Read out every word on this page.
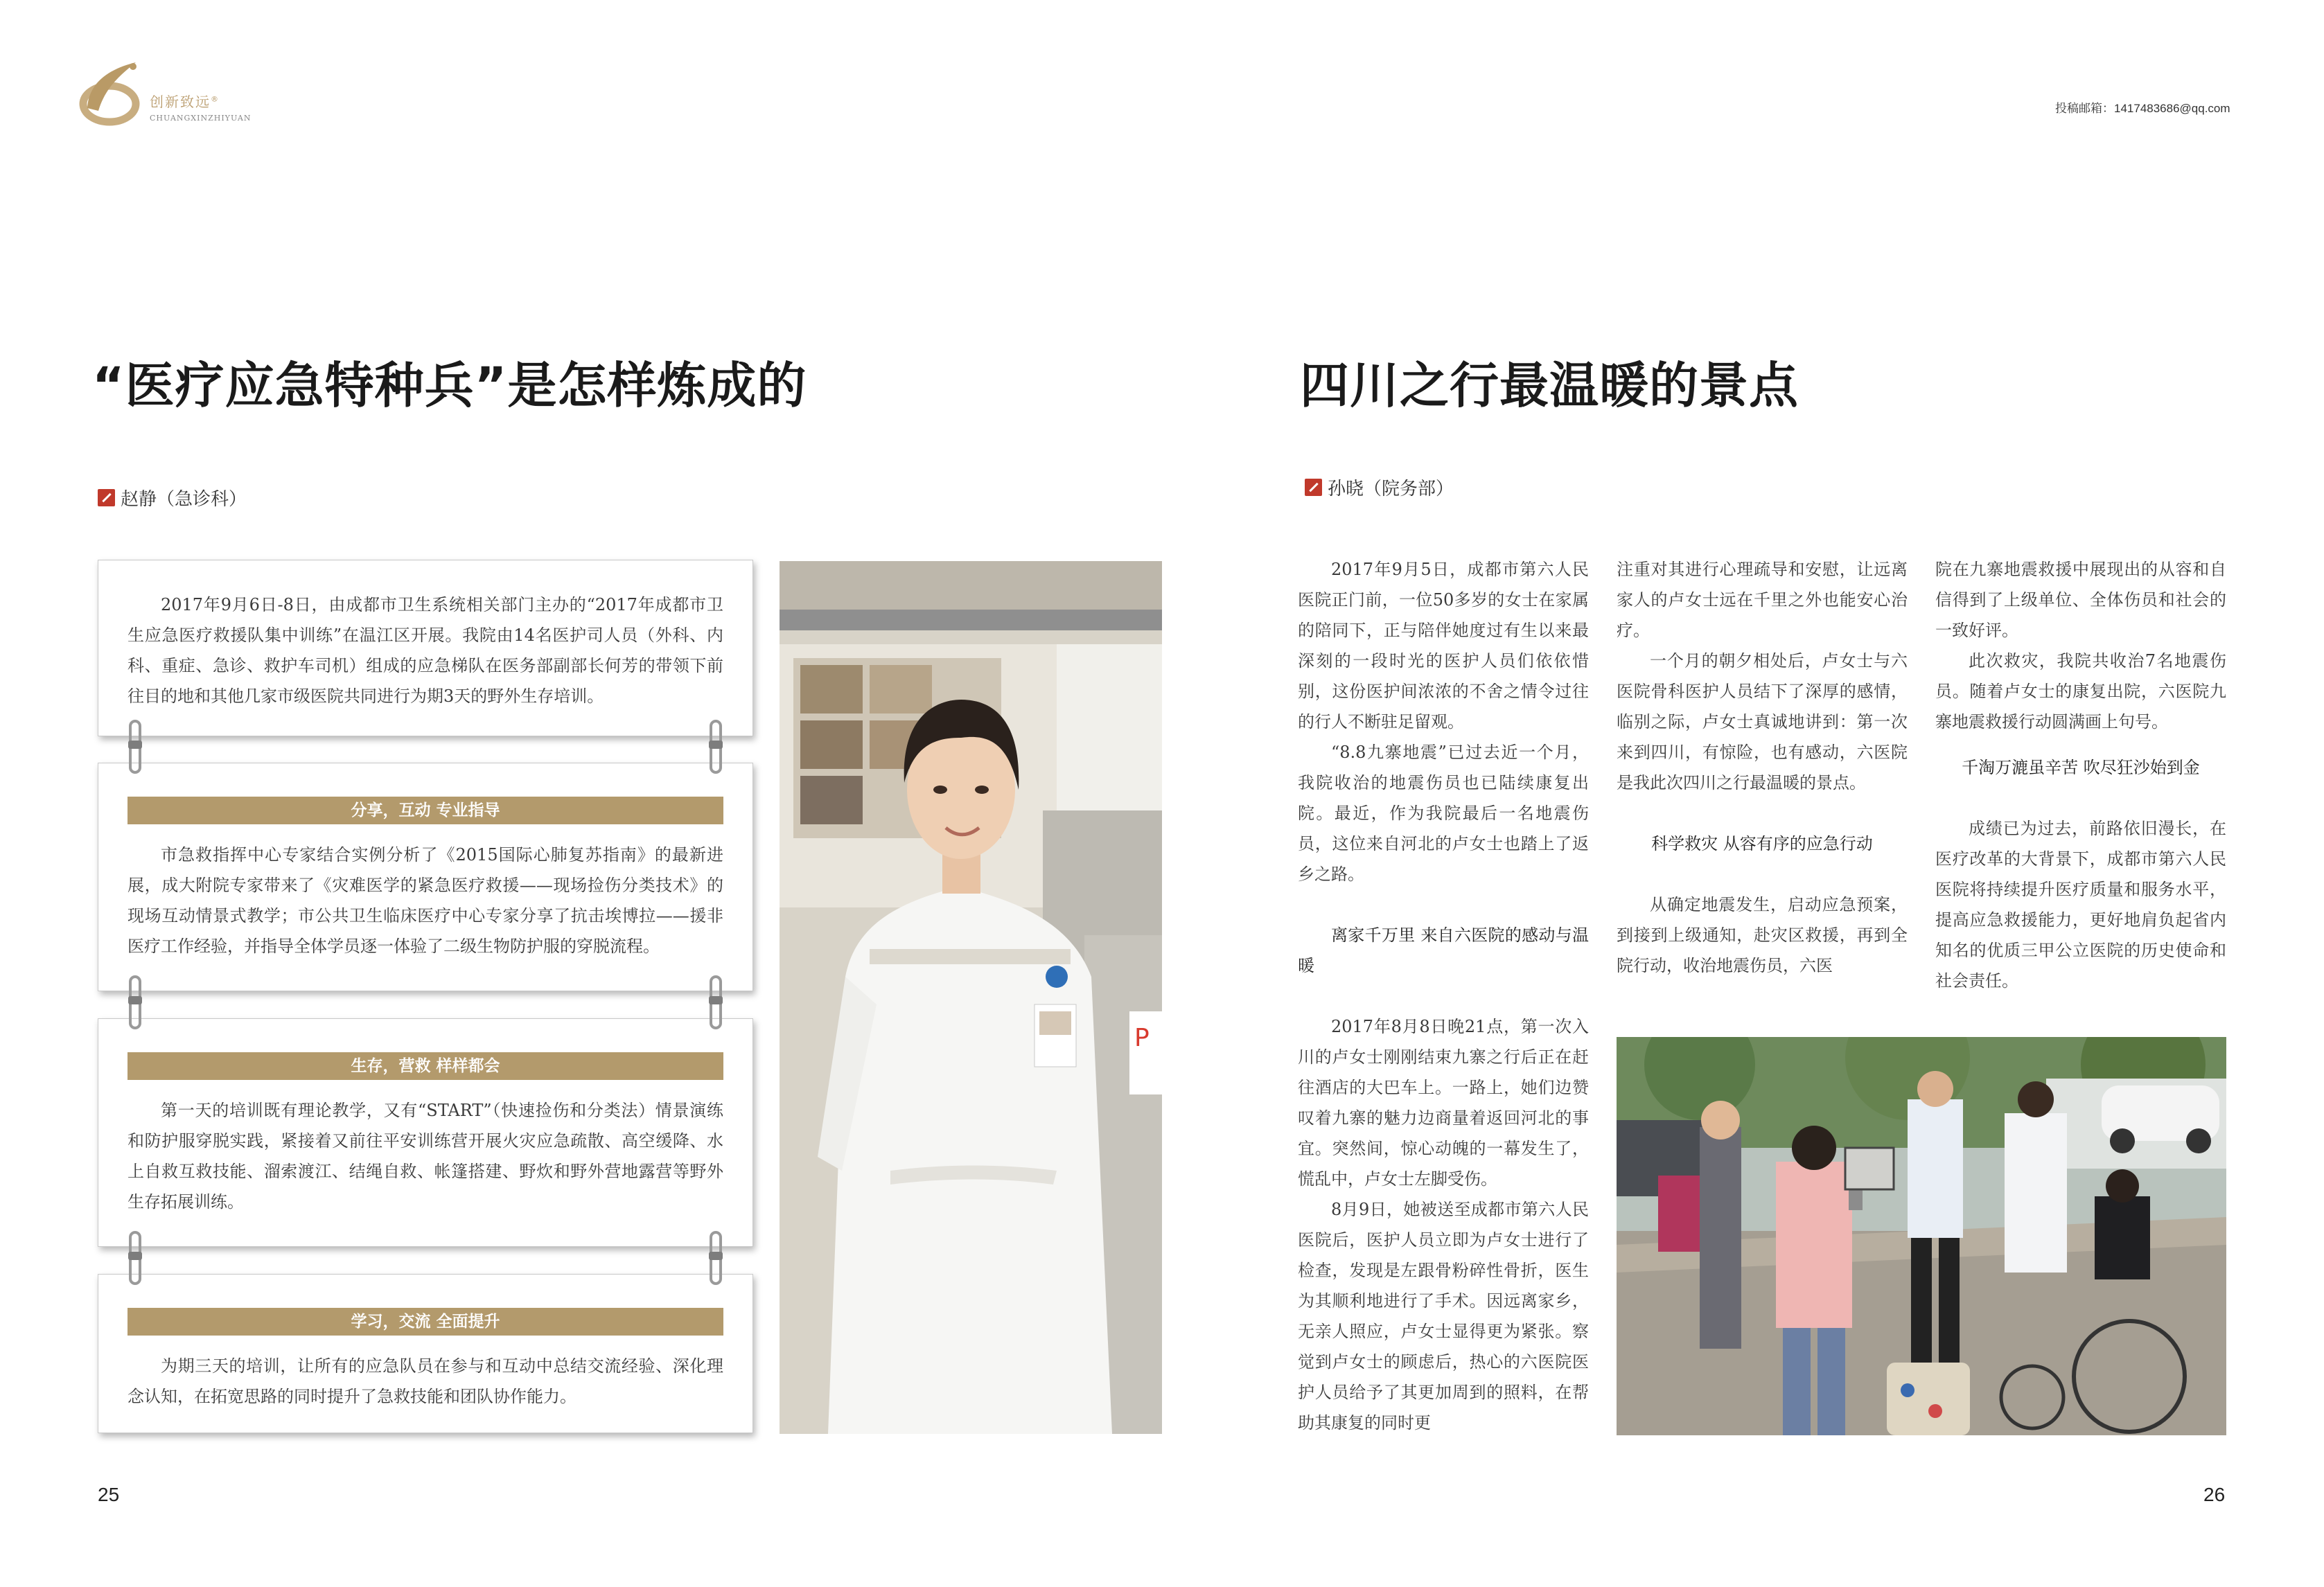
创新致远®
CHUANGXINZHIYUAN
投稿邮箱：1417483686@qq.com
“医疗应急特种兵”是怎样炼成的
赵静（急诊科）

2017年9月6日-8日，由成都市卫生系统相关部门主办的“2017年成都市卫生应急医疗救援队集中训练”在温江区开展。我院由14名医护司人员（外科、内科、重症、急诊、救护车司机）组成的应急梯队在医务部副部长何芳的带领下前往目的地和其他几家市级医院共同进行为期3天的野外生存培训。

分享，互动 专业指导

市急救指挥中心专家结合实例分析了《2015国际心肺复苏指南》的最新进展，成大附院专家带来了《灾难医学的紧急医疗救援——现场捡伤分类技术》的现场互动情景式教学；市公共卫生临床医疗中心专家分享了抗击埃博拉——援非医疗工作经验，并指导全体学员逐一体验了二级生物防护服的穿脱流程。

生存，营救 样样都会

第一天的培训既有理论教学，又有“START”（快速捡伤和分类法）情景演练和防护服穿脱实践，紧接着又前往平安训练营开展火灾应急疏散、高空缓降、水上自救互救技能、溜索渡江、结绳自救、帐篷搭建、野炊和野外营地露营等野外生存拓展训练。

学习，交流 全面提升

为期三天的培训，让所有的应急队员在参与和互动中总结交流经验、深化理念认知，在拓宽思路的同时提升了急救技能和团队协作能力。

P
25
四川之行最温暖的景点
孙晓（院务部）

2017年9月5日，成都市第六人民医院正门前，一位50多岁的女士在家属的陪同下，正与陪伴她度过有生以来最深刻的一段时光的医护人员们依依惜别，这份医护间浓浓的不舍之情令过往的行人不断驻足留观。

“8.8九寨地震”已过去近一个月，我院收治的地震伤员也已陆续康复出院。最近，作为我院最后一名地震伤员，这位来自河北的卢女士也踏上了返乡之路。

离家千万里 来自六医院的感动与温暖

2017年8月8日晚21点，第一次入川的卢女士刚刚结束九寨之行后正在赶往酒店的大巴车上。一路上，她们边赞叹着九寨的魅力边商量着返回河北的事宜。突然间，惊心动魄的一幕发生了，慌乱中，卢女士左脚受伤。

8月9日，她被送至成都市第六人民医院后，医护人员立即为卢女士进行了检查，发现是左跟骨粉碎性骨折，医生为其顺利地进行了手术。因远离家乡，无亲人照应，卢女士显得更为紧张。察觉到卢女士的顾虑后，热心的六医院医护人员给予了其更加周到的照料，在帮助其康复的同时更

注重对其进行心理疏导和安慰，让远离家人的卢女士远在千里之外也能安心治疗。

一个月的朝夕相处后，卢女士与六医院骨科医护人员结下了深厚的感情，临别之际，卢女士真诚地讲到：第一次来到四川，有惊险，也有感动，六医院是我此次四川之行最温暖的景点。

科学救灾 从容有序的应急行动

从确定地震发生，启动应急预案，到接到上级通知，赴灾区救援，再到全院行动，收治地震伤员，六医

院在九寨地震救援中展现出的从容和自信得到了上级单位、全体伤员和社会的一致好评。

此次救灾，我院共收治7名地震伤员。随着卢女士的康复出院，六医院九寨地震救援行动圆满画上句号。

千淘万漉虽辛苦 吹尽狂沙始到金

成绩已为过去，前路依旧漫长，在医疗改革的大背景下，成都市第六人民医院将持续提升医疗质量和服务水平，提高应急救援能力，更好地肩负起省内知名的优质三甲公立医院的历史使命和社会责任。

26
